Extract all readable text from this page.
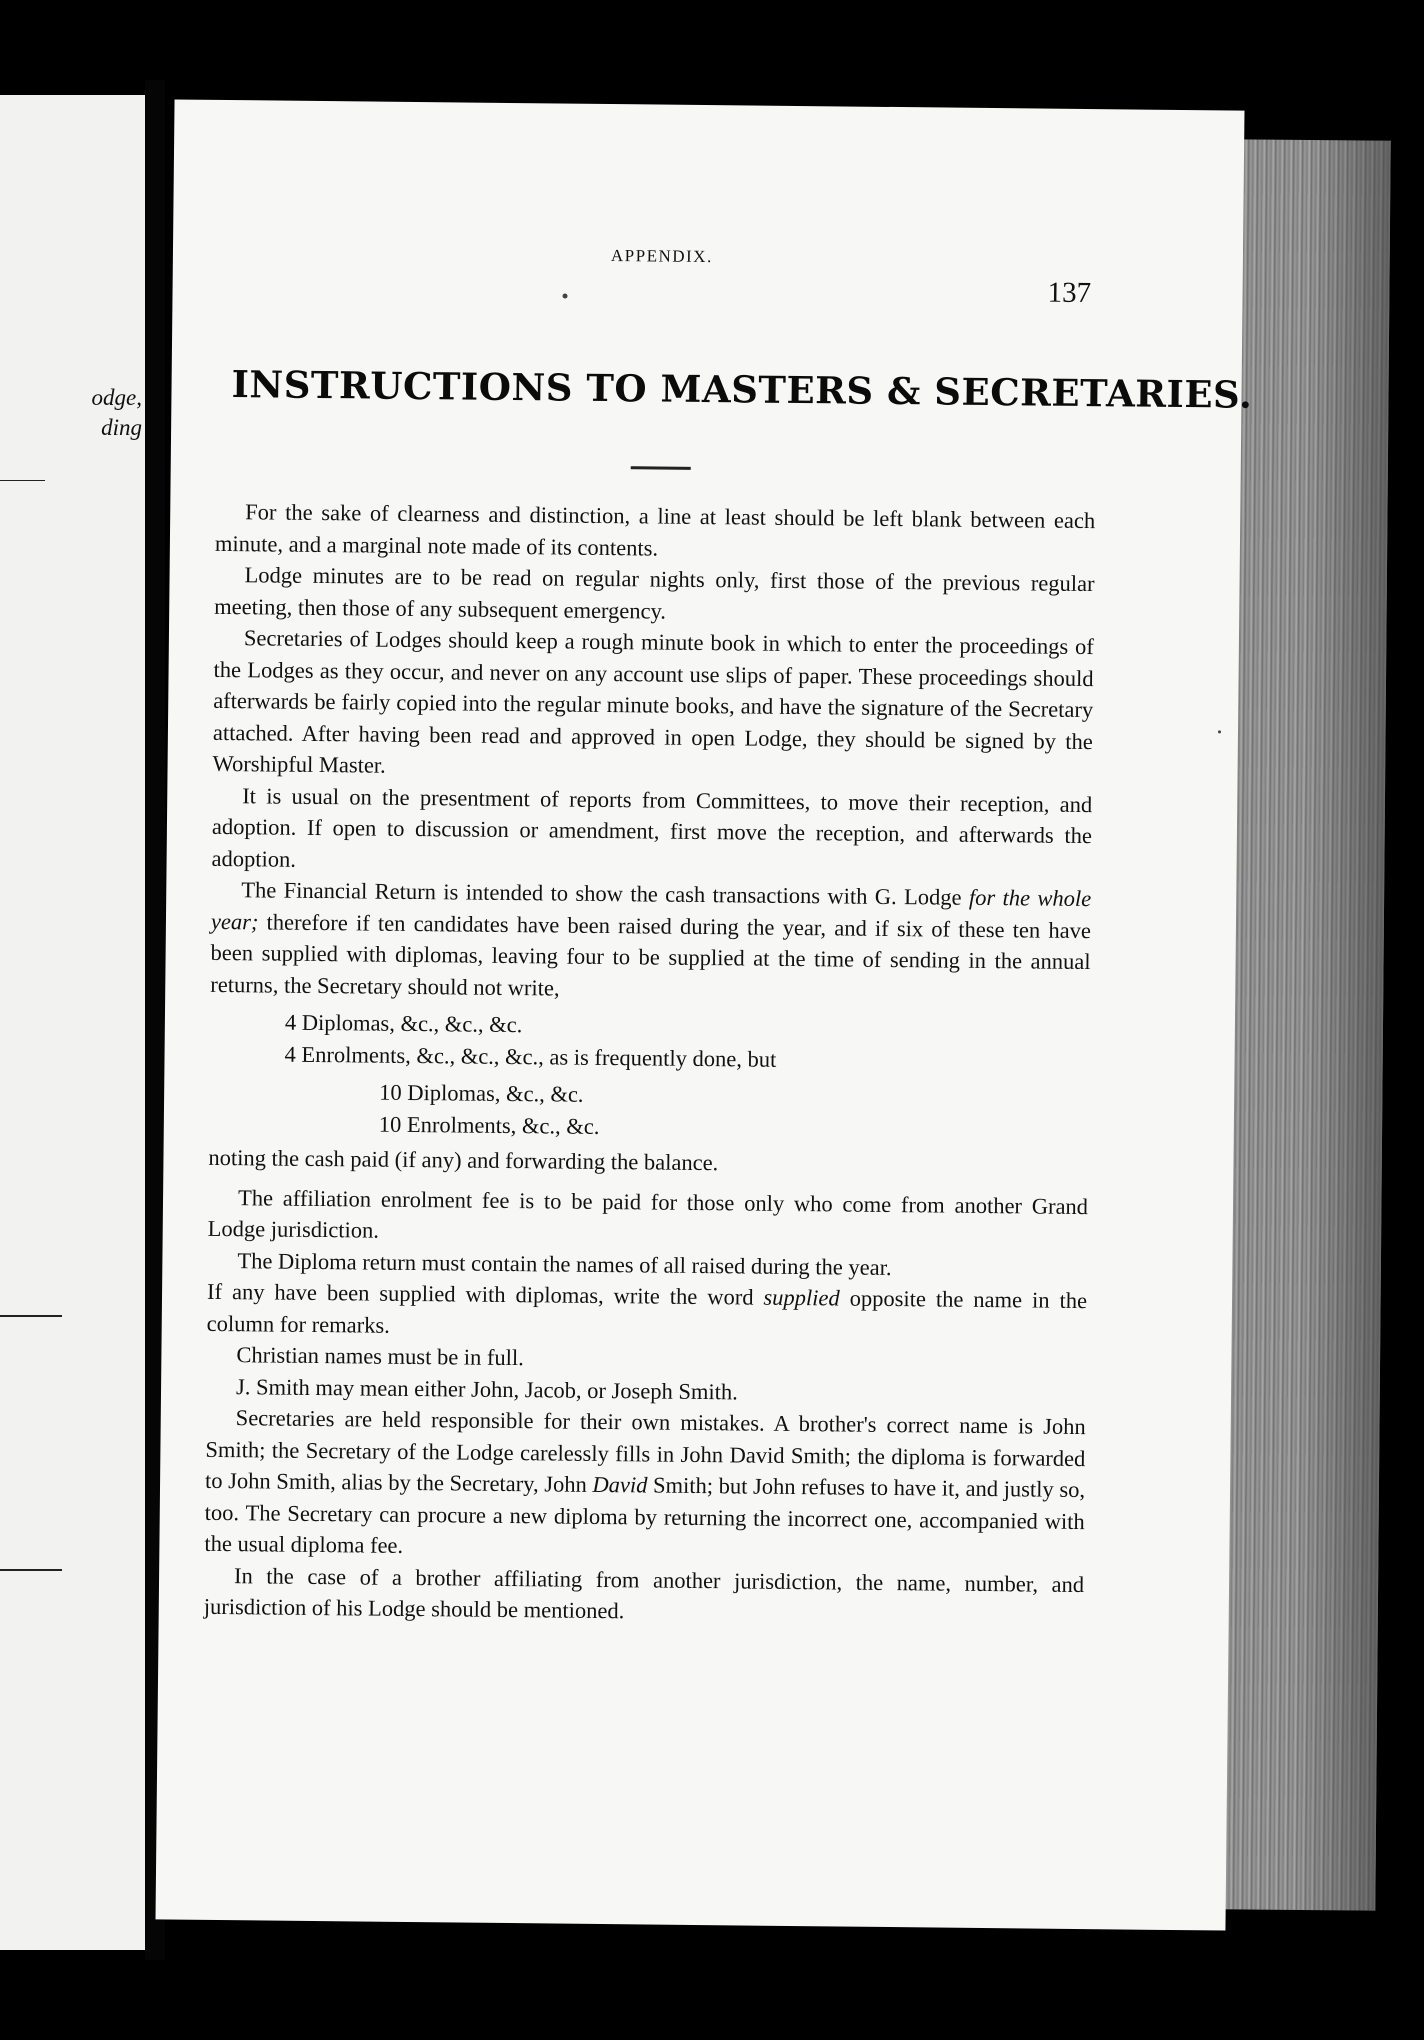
odge,
ding
APPENDIX.
137
INSTRUCTIONS TO MASTERS & SECRETARIES.

For the sake of clearness and distinction, a line at least should be left blank between each minute, and a marginal note made of its contents.

Lodge minutes are to be read on regular nights only, first those of the previous regular meeting, then those of any subsequent emergency.

Secretaries of Lodges should keep a rough minute book in which to enter the proceedings of the Lodges as they occur, and never on any account use slips of paper. These proceedings should afterwards be fairly copied into the regular minute books, and have the signature of the Secretary attached. After having been read and approved in open Lodge, they should be signed by the Worshipful Master.

It is usual on the presentment of reports from Committees, to move their reception, and adoption. If open to discussion or amendment, first move the reception, and afterwards the adoption.

The Financial Return is intended to show the cash transactions with G. Lodge for the whole year; therefore if ten candidates have been raised during the year, and if six of these ten have been supplied with diplomas, leaving four to be supplied at the time of sending in the annual returns, the Secretary should not write,

4 Diplomas, &c., &c., &c.
4 Enrolments, &c., &c., &c., as is frequently done, but
10 Diplomas, &c., &c.
10 Enrolments, &c., &c.

noting the cash paid (if any) and forwarding the balance.

The affiliation enrolment fee is to be paid for those only who come from another Grand Lodge jurisdiction.

The Diploma return must contain the names of all raised during the year.

If any have been supplied with diplomas, write the word supplied opposite the name in the column for remarks.

Christian names must be in full.

J. Smith may mean either John, Jacob, or Joseph Smith.

Secretaries are held responsible for their own mistakes. A brother's correct name is John Smith; the Secretary of the Lodge carelessly fills in John David Smith; the diploma is forwarded to John Smith, alias by the Secretary, John David Smith; but John refuses to have it, and justly so, too. The Secretary can procure a new diploma by returning the incorrect one, accompanied with the usual diploma fee.

In the case of a brother affiliating from another jurisdiction, the name, number, and jurisdiction of his Lodge should be mentioned.
